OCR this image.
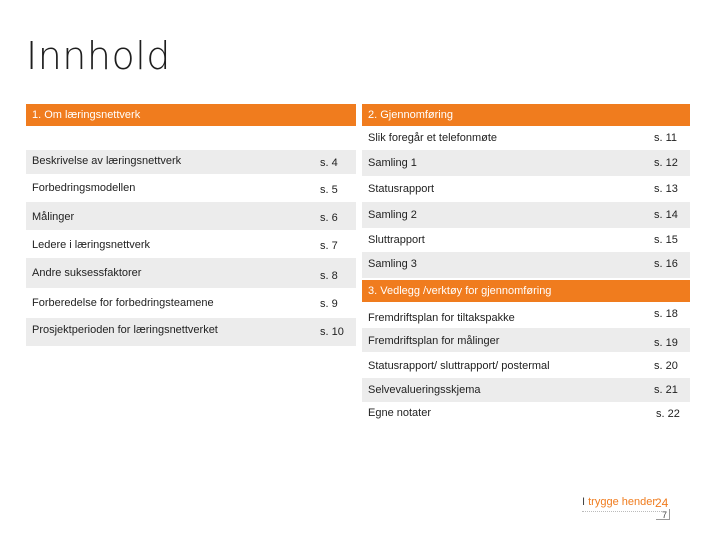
Innhold
1. Om læringsnettverk
Beskrivelse av læringsnettverk	s. 4
Forbedringsmodellen	s. 5
Målinger	s. 6
Ledere i læringsnettverk	s. 7
Andre suksessfaktorer	s. 8
Forberedelse for forbedringsteamene	s. 9
Prosjektperioden for læringsnettverket	s. 10
2. Gjennomføring
Slik foregår et telefonmøte	s. 11
Samling 1	s. 12
Statusrapport	s. 13
Samling 2	s. 14
Sluttrapport	s. 15
Samling 3	s. 16
3. Vedlegg /verktøy for gjennomføring
Fremdriftsplan for tiltakspakke	s. 18
Fremdriftsplan for målinger	s. 19
Statusrapport/ sluttrapport/ postermal	s. 20
Selvevalueringsskjema	s. 21
Egne notater	s. 22
I trygge hender
24
7
